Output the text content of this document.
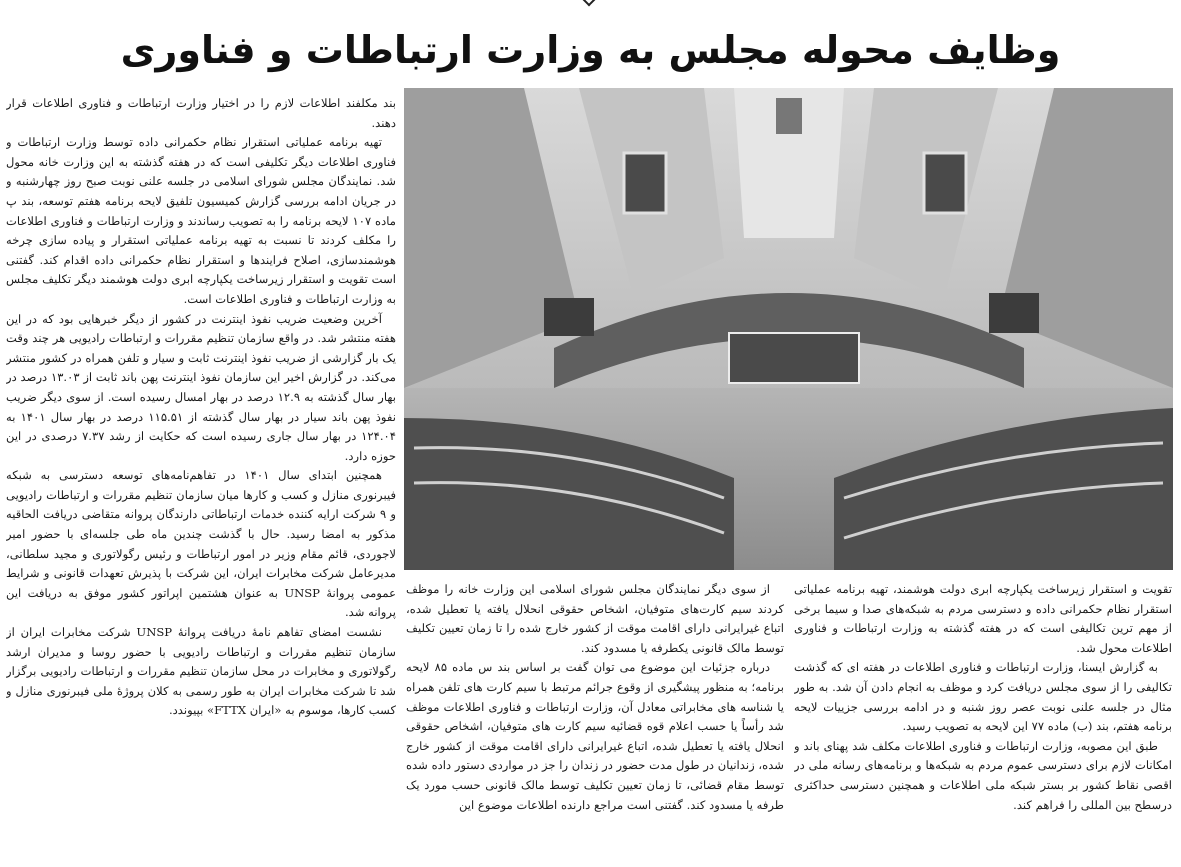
وظایف محوله مجلس به وزارت ارتباطات و فناوری

بند مکلفند اطلاعات لازم را در اختیار وزارت ارتباطات و فناوری اطلاعات قرار دهند.

تهیه برنامه عملیاتی استقرار نظام حکمرانی داده توسط وزارت ارتباطات و فناوری اطلاعات دیگر تکلیفی است که در هفته گذشته به این وزارت خانه محول شد. نمایندگان مجلس شورای اسلامی در جلسه علنی نوبت صبح روز چهارشنبه و در جریان ادامه بررسی گزارش کمیسیون تلفیق لایحه برنامه هفتم توسعه، بند پ ماده ۱۰۷ لایحه برنامه را به تصویب رساندند و وزارت ارتباطات و فناوری اطلاعات را مکلف کردند تا نسبت به تهیه برنامه عملیاتی استقرار و پیاده سازی چرخه هوشمندسازی، اصلاح فرایندها و استقرار نظام حکمرانی داده اقدام کند. گفتنی است تقویت و استقرار زیرساخت یکپارچه ابری دولت هوشمند دیگر تکلیف مجلس به وزارت ارتباطات و فناوری اطلاعات است.

آخرین وضعیت ضریب نفوذ اینترنت در کشور از دیگر خبرهایی بود که در این هفته منتشر شد. در واقع سازمان تنظیم مقررات و ارتباطات رادیویی هر چند وقت یک بار گزارشی از ضریب نفوذ اینترنت ثابت و سیار و تلفن همراه در کشور منتشر می‌کند. در گزارش اخیر این سازمان نفوذ اینترنت پهن باند ثابت از ۱۳.۰۳ درصد در بهار سال گذشته به ۱۲.۹ درصد در بهار امسال رسیده است. از سوی دیگر ضریب نفوذ پهن باند سیار در بهار سال گذشته از ۱۱۵.۵۱ درصد در بهار سال ۱۴۰۱ به ۱۲۴.۰۴ در بهار سال جاری رسیده است که حکایت از رشد ۷.۳۷ درصدی در این حوزه دارد.

همچنین ابتدای سال ۱۴۰۱ در تفاهم‌نامه‌های توسعه دسترسی به شبکه فیبرنوری منازل و کسب و کارها میان سازمان تنظیم مقررات و ارتباطات رادیویی و ۹ شرکت ارایه کننده خدمات ارتباطاتی دارندگان پروانه متقاضی دریافت الحاقیه مذکور به امضا رسید. حال با گذشت چندین ماه طی جلسه‌ای با حضور امیر لاجوردی، قائم مقام وزیر در امور ارتباطات و رئیس رگولاتوری و مجید سلطانی، مدیرعامل شرکت مخابرات ایران، این شرکت با پذیرش تعهدات قانونی و شرایط عمومی پروانهٔ UNSP به عنوان هشتمین اپراتور کشور موفق به دریافت این پروانه شد.

نشست امضای تفاهم نامهٔ دریافت پروانهٔ UNSP شرکت مخابرات ایران از سازمان تنظیم مقررات و ارتباطات رادیویی با حضور روسا و مدیران ارشد رگولاتوری و مخابرات در محل سازمان تنظیم مقررات و ارتباطات رادیویی برگزار شد تا شرکت مخابرات ایران به طور رسمی به کلان پروژهٔ ملی فیبرنوری منازل و کسب کارها، موسوم به «ایران FTTX» بپیوندد.

از سوی دیگر نمایندگان مجلس شورای اسلامی این وزارت خانه را موظف کردند سیم کارت‌های متوفیان، اشخاص حقوقی انحلال یافته یا تعطیل شده، اتباع غیرایرانی دارای اقامت موقت از کشور خارج شده را تا زمان تعیین تکلیف توسط مالک قانونی یکطرفه یا مسدود کند.

درباره جزئیات این موضوع می توان گفت بر اساس بند س ماده ۸۵ لایحه برنامه؛ به منظور پیشگیری از وقوع جرائم مرتبط با سیم کارت های تلفن همراه یا شناسه های مخابراتی معادل آن، وزارت ارتباطات و فناوری اطلاعات موظف شد رأساً یا حسب اعلام قوه قضائیه سیم کارت های متوفیان، اشخاص حقوقی انحلال یافته یا تعطیل شده، اتباع غیرایرانی دارای اقامت موقت از کشور خارج شده، زندانیان در طول مدت حضور در زندان را جز در مواردی دستور داده شده توسط مقام قضائی، تا زمان تعیین تکلیف توسط مالک قانونی حسب مورد یک طرفه یا مسدود کند. گفتنی است مراجع دارنده اطلاعات موضوع این

تقویت و استقرار زیرساخت یکپارچه ابری دولت هوشمند، تهیه برنامه عملیاتی استقرار نظام حکمرانی داده و دسترسی مردم به شبکه‌های صدا و سیما برخی از مهم ترین تکالیفی است که در هفته گذشته به وزارت ارتباطات و فناوری اطلاعات محول شد.

به گزارش ایسنا، وزارت ارتباطات و فناوری اطلاعات در هفته ای که گذشت تکالیفی را از سوی مجلس دریافت کرد و موظف به انجام دادن آن شد. به طور مثال در جلسه علنی نوبت عصر روز شنبه و در ادامه بررسی جزییات لایحه برنامه هفتم، بند (ب) ماده ۷۷ این لایحه به تصویب رسید.

طبق این مصوبه، وزارت ارتباطات و فناوری اطلاعات مکلف شد پهنای باند و امکانات لازم برای دسترسی عموم مردم به شبکه‌ها و برنامه‌های رسانه ملی در اقصی نقاط کشور بر بستر شبکه ملی اطلاعات و همچنین دسترسی حداکثری درسطح بین المللی را فراهم کند.
